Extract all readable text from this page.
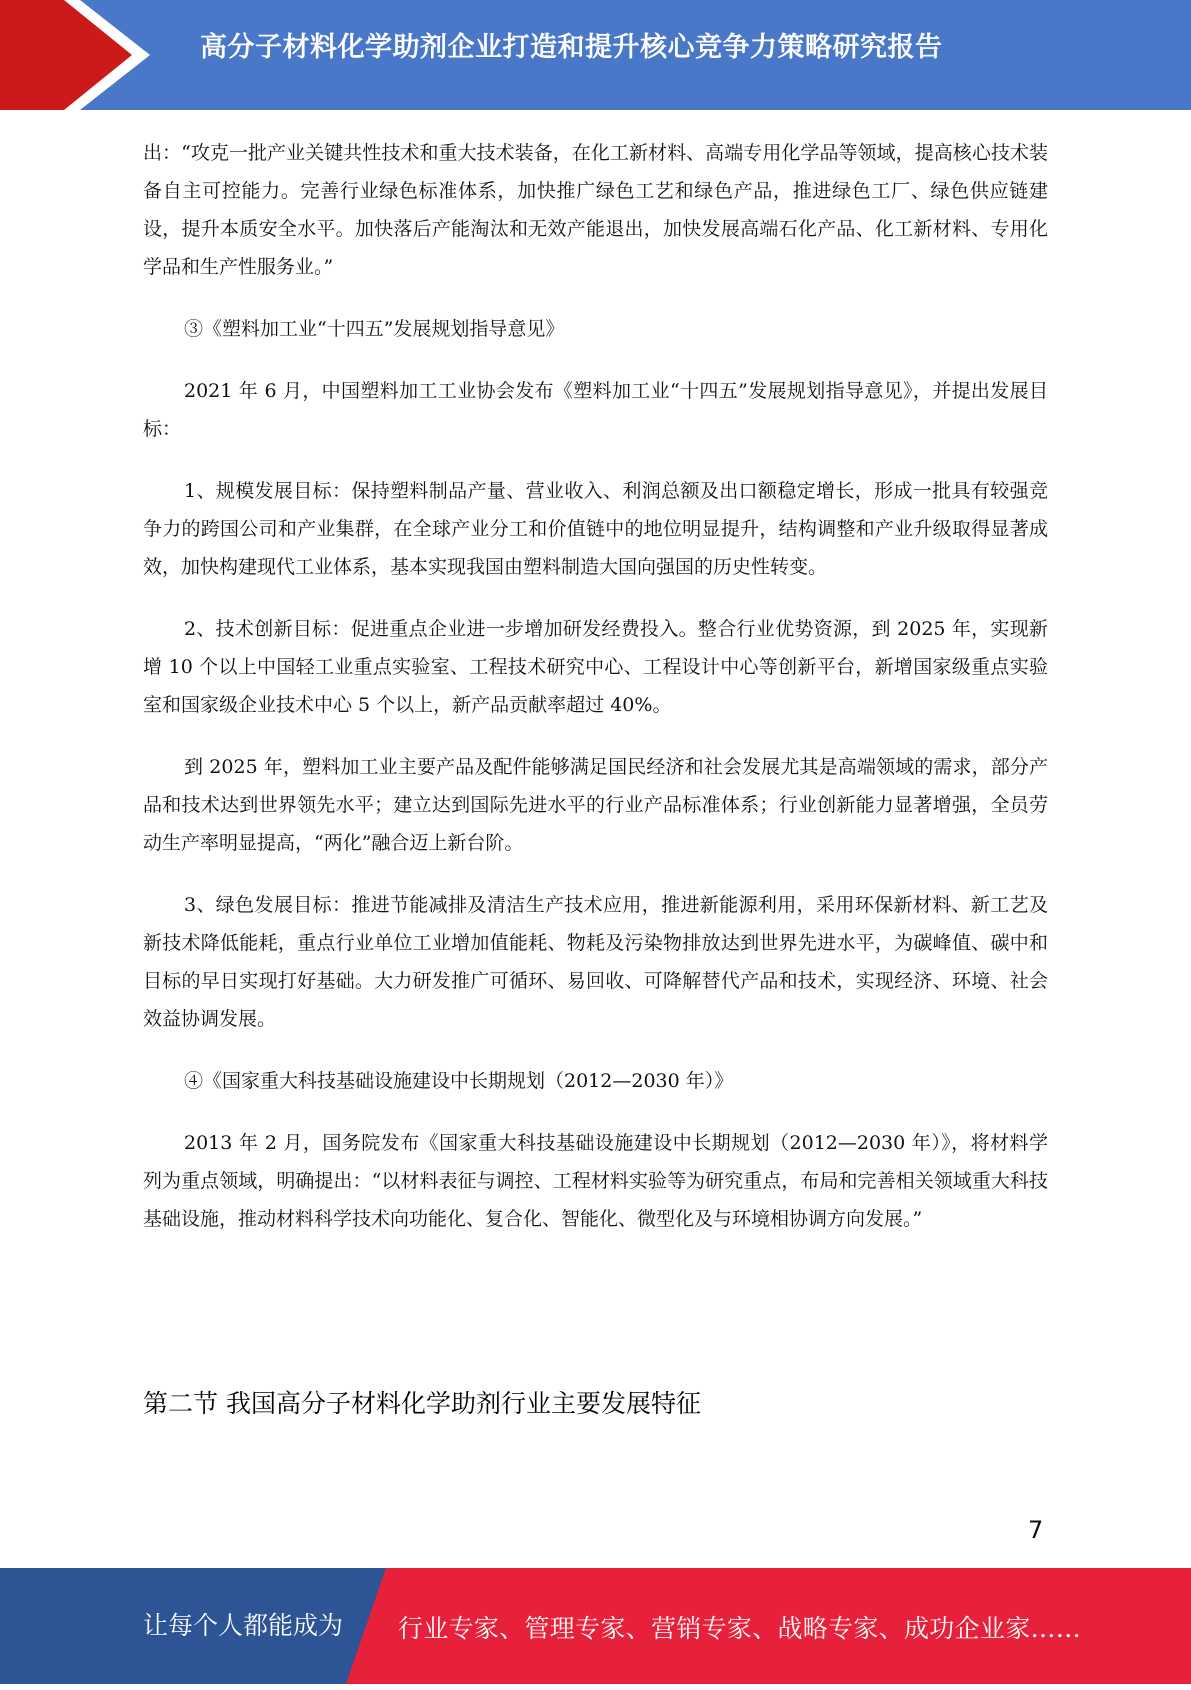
高分子材料化学助剂企业打造和提升核心竞争力策略研究报告

出：“攻克一批产业关键共性技术和重大技术装备，在化工新材料、高端专用化学品等领域，提高核心技术装备自主可控能力。完善行业绿色标准体系，加快推广绿色工艺和绿色产品，推进绿色工厂、绿色供应链建设，提升本质安全水平。加快落后产能淘汰和无效产能退出，加快发展高端石化产品、化工新材料、专用化学品和生产性服务业。”

③《塑料加工业“十四五”发展规划指导意见》

2021 年 6 月，中国塑料加工工业协会发布《塑料加工业“十四五”发展规划指导意见》，并提出发展目标：

1、规模发展目标：保持塑料制品产量、营业收入、利润总额及出口额稳定增长，形成一批具有较强竞争力的跨国公司和产业集群，在全球产业分工和价值链中的地位明显提升，结构调整和产业升级取得显著成效，加快构建现代工业体系，基本实现我国由塑料制造大国向强国的历史性转变。

2、技术创新目标：促进重点企业进一步增加研发经费投入。整合行业优势资源，到 2025 年，实现新增 10 个以上中国轻工业重点实验室、工程技术研究中心、工程设计中心等创新平台，新增国家级重点实验室和国家级企业技术中心 5 个以上，新产品贡献率超过 40%。

到 2025 年，塑料加工业主要产品及配件能够满足国民经济和社会发展尤其是高端领域的需求，部分产品和技术达到世界领先水平；建立达到国际先进水平的行业产品标准体系；行业创新能力显著增强，全员劳动生产率明显提高，“两化”融合迈上新台阶。

3、绿色发展目标：推进节能减排及清洁生产技术应用，推进新能源利用，采用环保新材料、新工艺及新技术降低能耗，重点行业单位工业增加值能耗、物耗及污染物排放达到世界先进水平，为碳峰值、碳中和目标的早日实现打好基础。大力研发推广可循环、易回收、可降解替代产品和技术，实现经济、环境、社会效益协调发展。

④《国家重大科技基础设施建设中长期规划（2012—2030 年）》

2013 年 2 月，国务院发布《国家重大科技基础设施建设中长期规划（2012—2030 年）》，将材料学列为重点领域，明确提出：“以材料表征与调控、工程材料实验等为研究重点，布局和完善相关领域重大科技基础设施，推动材料科学技术向功能化、复合化、智能化、微型化及与环境相协调方向发展。”

第二节 我国高分子材料化学助剂行业主要发展特征
7
让每个人都能成为 行业专家、管理专家、营销专家、战略专家、成功企业家……
